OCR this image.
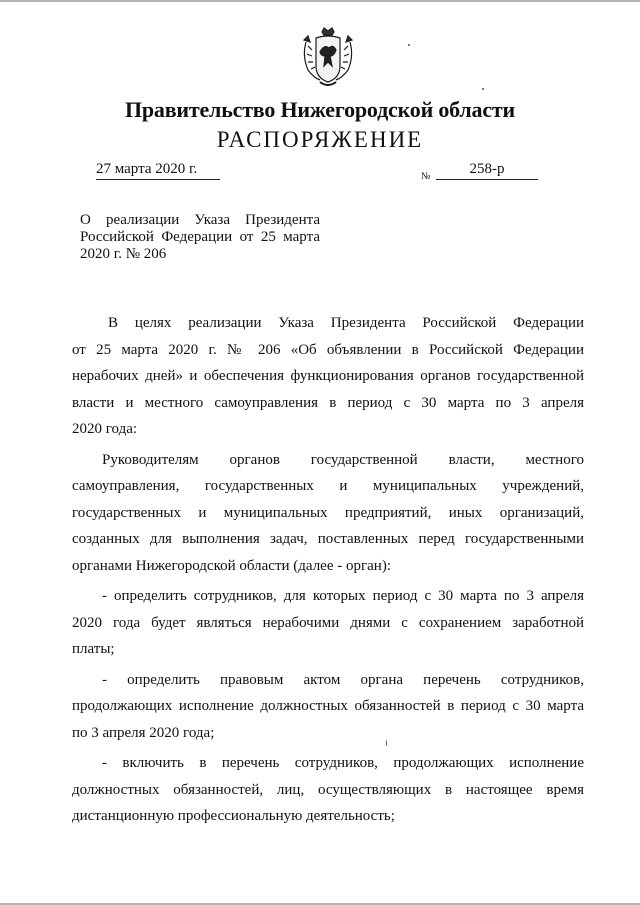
Правительство Нижегородской области
РАСПОРЯЖЕНИЕ
27 марта 2020 г.	№	258-р
О реализации Указа Президента
Российской Федерации от 25 марта
2020 г. № 206
В целях реализации Указа Президента Российской Федерации
от 25 марта 2020 г. № 206 «Об объявлении в Российской Федерации
нерабочих дней» и обеспечения функционирования органов государственной
власти и местного самоуправления в период с 30 марта по 3 апреля
2020 года:
Руководителям органов государственной власти, местного
самоуправления, государственных и муниципальных учреждений,
государственных и муниципальных предприятий, иных организаций,
созданных для выполнения задач, поставленных перед государственными
органами Нижегородской области (далее - орган):
- определить сотрудников, для которых период с 30 марта по 3 апреля
2020 года будет являться нерабочими днями с сохранением заработной
платы;
- определить правовым актом органа перечень сотрудников,
продолжающих исполнение должностных обязанностей в период с 30 марта
по 3 апреля 2020 года;
- включить в перечень сотрудников, продолжающих исполнение
должностных обязанностей, лиц, осуществляющих в настоящее время
дистанционную профессиональную деятельность;
